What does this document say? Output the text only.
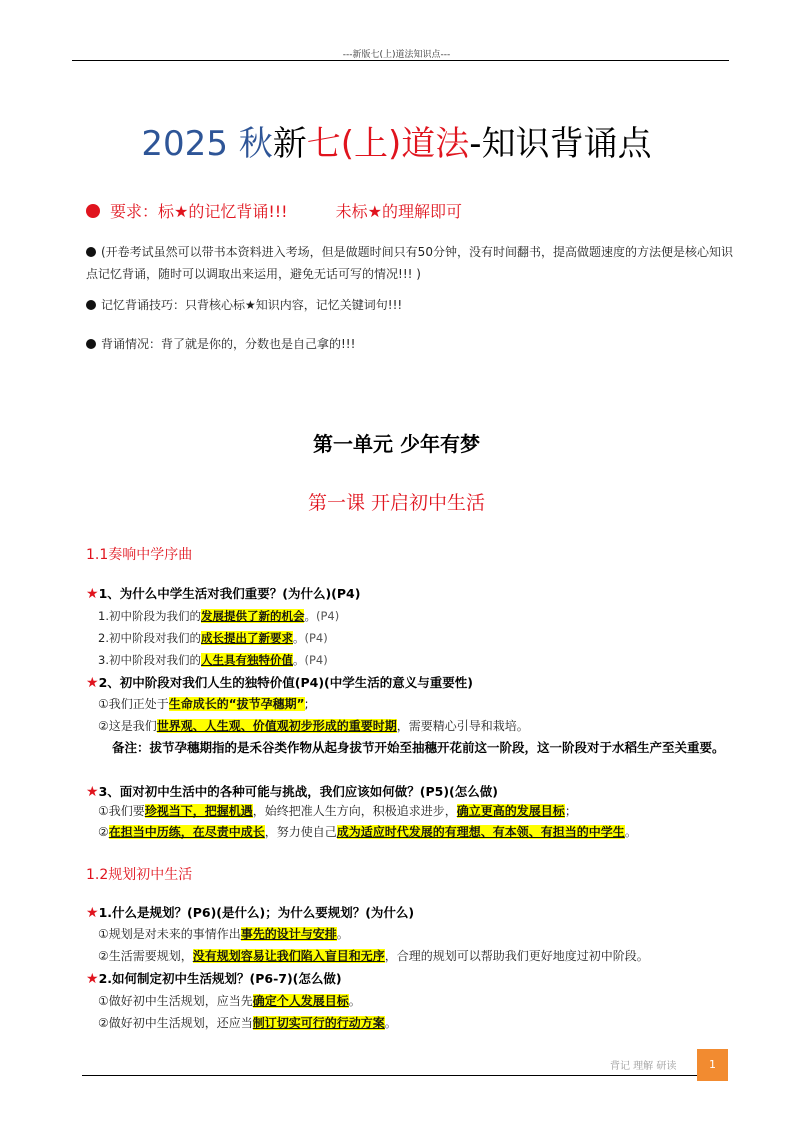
---新版七(上)道法知识点---
2025 秋新七(上)道法-知识背诵点
要求：标★的记忆背诵!!!	未标★的理解即可
(开卷考试虽然可以带书本资料进入考场，但是做题时间只有50分钟，没有时间翻书，提高做题速度的方法便是核心知识点记忆背诵，随时可以调取出来运用，避免无话可写的情况!!! )
记忆背诵技巧：只背核心标★知识内容，记忆关键词句!!!
背诵情况：背了就是你的，分数也是自己拿的!!!
第一单元 少年有梦
第一课 开启初中生活
1.1奏响中学序曲
★1、为什么中学生活对我们重要？(为什么)(P4)
1.初中阶段为我们的发展提供了新的机会。(P4)
2.初中阶段对我们的成长提出了新要求。(P4)
3.初中阶段对我们的人生具有独特价值。(P4)
★2、初中阶段对我们人生的独特价值(P4)(中学生活的意义与重要性)
①我们正处于生命成长的“拔节孕穗期”;
②这是我们世界观、人生观、价值观初步形成的重要时期，需要精心引导和栽培。
备注：拔节孕穗期指的是禾谷类作物从起身拔节开始至抽穗开花前这一阶段，这一阶段对于水稻生产至关重要。
★3、面对初中生活中的各种可能与挑战，我们应该如何做？(P5)(怎么做)
①我们要珍视当下，把握机遇，始终把准人生方向，积极追求进步，确立更高的发展目标；
②在担当中历练，在尽责中成长，努力使自己成为适应时代发展的有理想、有本领、有担当的中学生。
1.2规划初中生活
★1.什么是规划？(P6)(是什么)；为什么要规划？(为什么)
①规划是对未来的事情作出事先的设计与安排。
②生活需要规划，没有规划容易让我们陷入盲目和无序，合理的规划可以帮助我们更好地度过初中阶段。
★2.如何制定初中生活规划？(P6-7)(怎么做)
①做好初中生活规划，应当先确定个人发展目标。
②做好初中生活规划，还应当制订切实可行的行动方案。
背记 理解 研读	1
